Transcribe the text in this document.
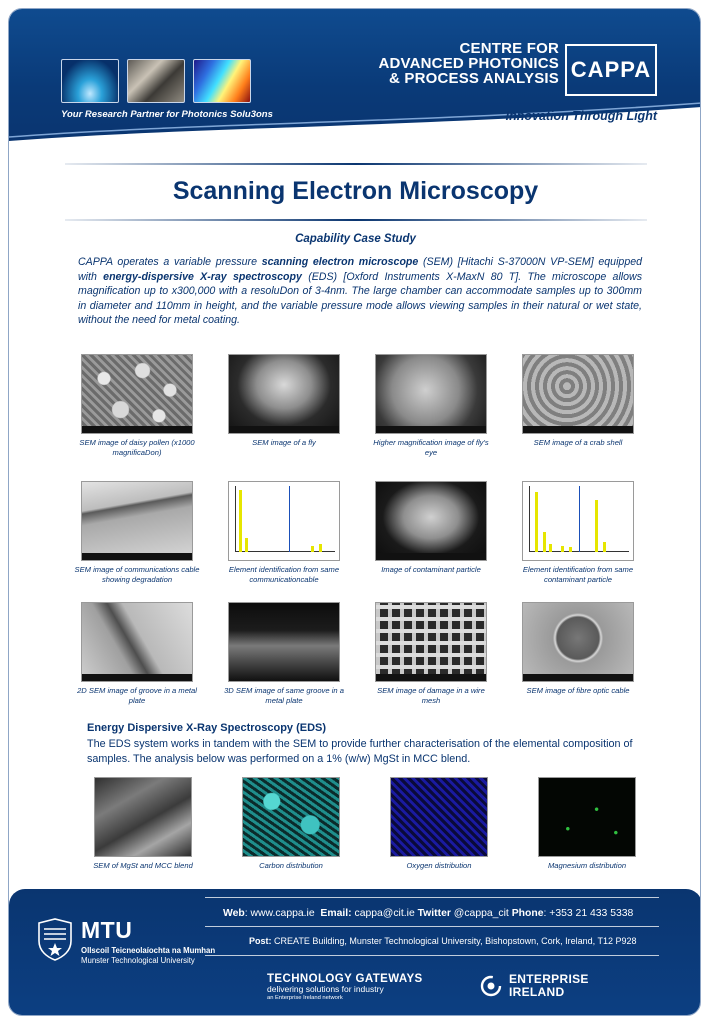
Your Research Partner for Photonics Solu3ons
CENTRE FOR
ADVANCED PHOTONICS
& PROCESS ANALYSIS CAPPA
Innovation Through Light
Scanning Electron Microscopy
Capability Case Study
CAPPA operates a variable pressure scanning electron microscope (SEM) [Hitachi S-37000N VP-SEM] equipped with energy-dispersive X-ray spectroscopy (EDS) [Oxford Instruments X-MaxN 80 T]. The microscope allows magnification up to x300,000 with a resoluDon of 3-4nm. The large chamber can accommodate samples up to 300mm in diameter and 110mm in height, and the variable pressure mode allows viewing samples in their natural or wet state, without the need for metal coating.
SEM image of daisy pollen (x1000 magnificaDon)
SEM image of a fly	Higher magnification image of fly's eye
SEM image of a crab shell
SEM image of communications cable showing degradation
Element identification from same communicationcable
Image of contaminant particle	Element identification from same contaminant particle
2D SEM image of groove in a metal plate
3D SEM image of same groove in a metal plate
SEM image of damage in a wire mesh
SEM image of fibre optic cable
Energy Dispersive X-Ray Spectroscopy (EDS)
The EDS system works in tandem with the SEM to provide further characterisation of the elemental composition of samples. The analysis below was performed on a 1% (w/w) MgSt in MCC blend.
SEM of MgSt and MCC blend	Carbon distribution	Oxygen distribution	Magnesium distribution
MTU
Ollscoil Teicneolaíochta na Mumhan
Munster Technological University
Web: www.cappa.ie Email: cappa@cit.ie Twitter @cappa_cit Phone: +353 21 433 5338
Post: CREATE Building, Munster Technological University, Bishopstown, Cork, Ireland, T12 P928
TECHNOLOGY GATEWAYS
delivering solutions for industry
an Enterprise Ireland network
ENTERPRISE
IRELAND
